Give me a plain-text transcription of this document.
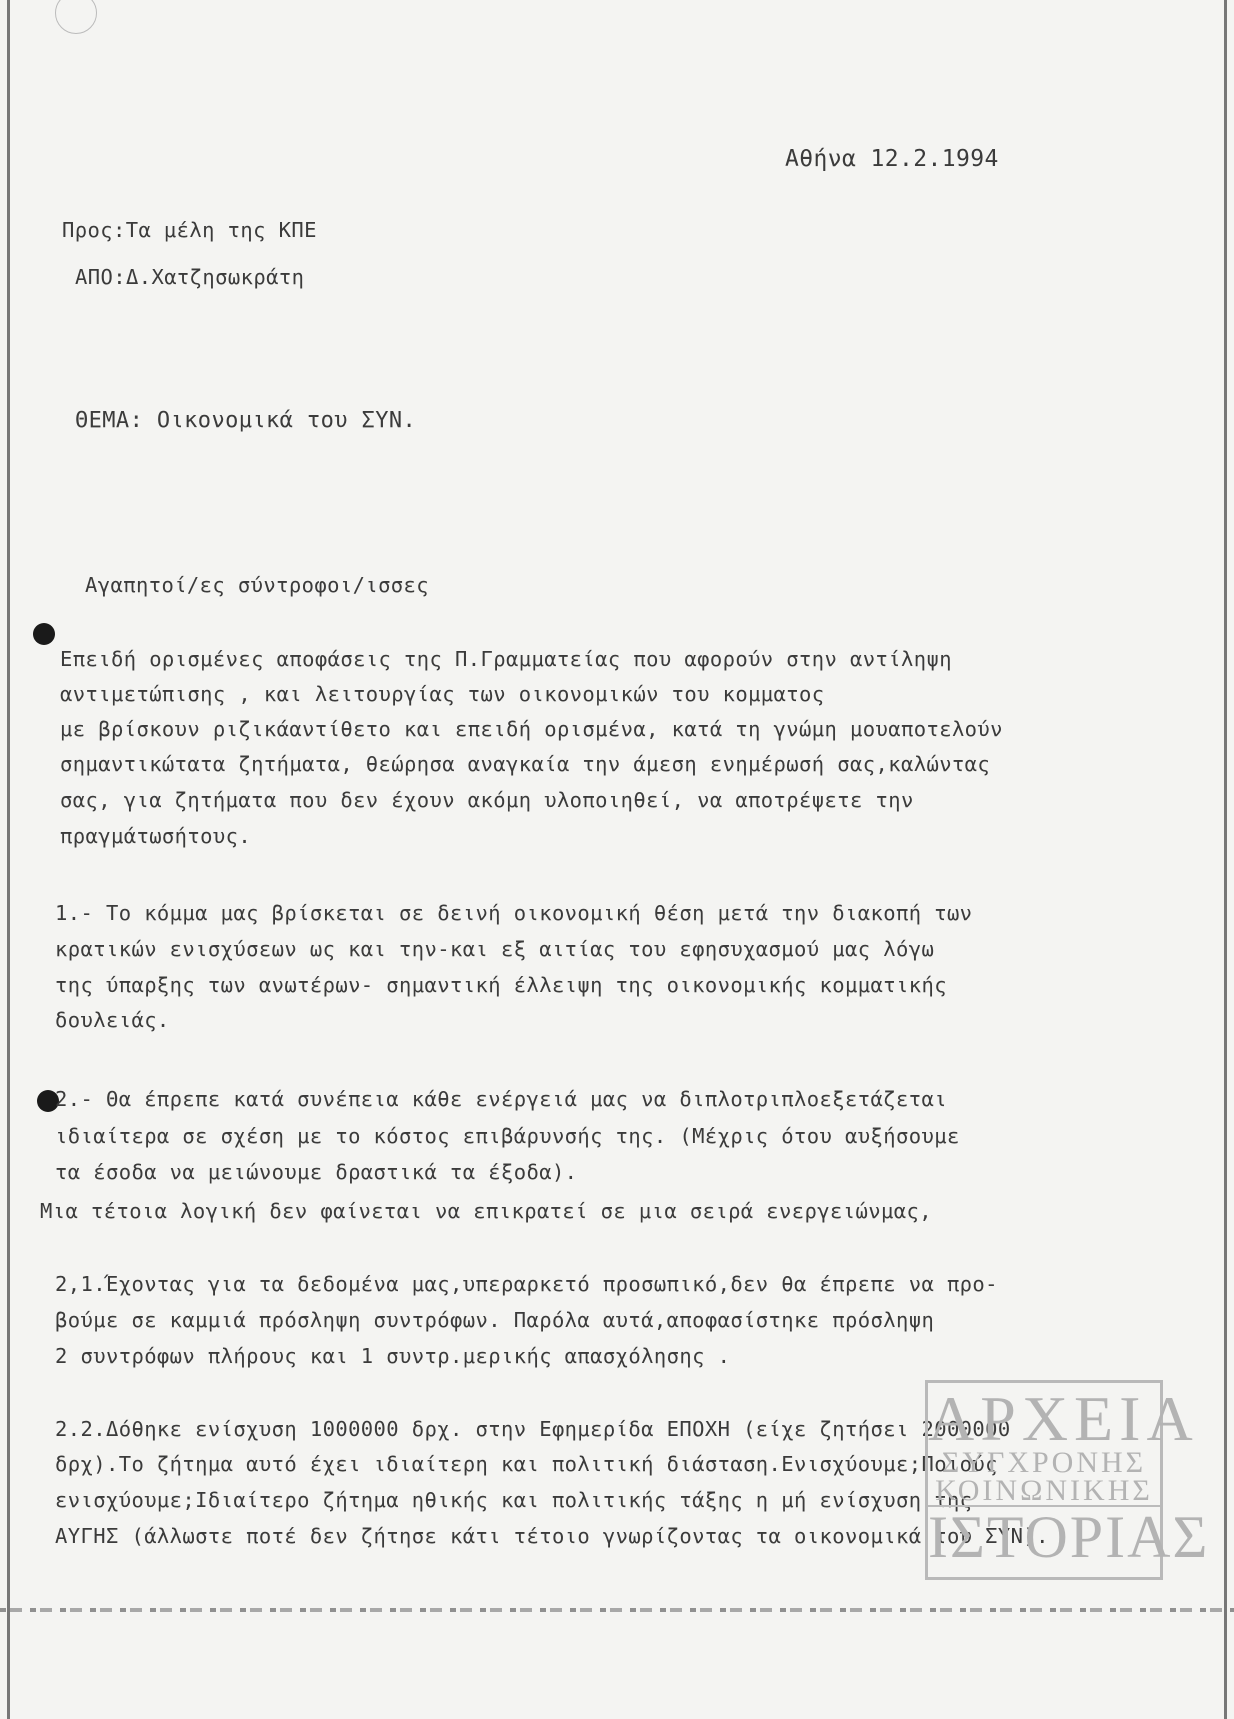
Αθήνα 12.2.1994
Προς:Τα μέλη της ΚΠΕ
ΑΠΟ:Δ.Χατζησωκράτη
ΘΕΜΑ: Οικονομικά του ΣΥΝ.
Αγαπητοί/ες σύντροφοι/ισσες
Επειδή ορισμένες αποφάσεις της Π.Γραμματείας που αφορούν στην αντίληψη
αντιμετώπισης , και λειτουργίας των οικονομικών του κομματος
με βρίσκουν ριζικάαντίθετο και επειδή ορισμένα, κατά τη γνώμη μουαποτελούν
σημαντικώτατα ζητήματα, θεώρησα αναγκαία την άμεση ενημέρωσή σας,καλώντας
σας, για ζητήματα που δεν έχουν ακόμη υλοποιηθεί, να αποτρέψετε την
πραγμάτωσήτους.
1.- Το κόμμα μας βρίσκεται σε δεινή οικονομική θέση μετά την διακοπή των
κρατικών ενισχύσεων ως και την-και εξ αιτίας του εφησυχασμού μας λόγω
της ύπαρξης των ανωτέρων- σημαντική έλλειψη της οικονομικής κομματικής
δουλειάς.
2.- Θα έπρεπε κατά συνέπεια κάθε ενέργειά μας να διπλοτριπλοεξετάζεται
ιδιαίτερα σε σχέση με το κόστος επιβάρυνσής της. (Μέχρις ότου αυξήσουμε
τα έσοδα να μειώνουμε δραστικά τα έξοδα).
Μια τέτοια λογική δεν φαίνεται να επικρατεί σε μια σειρά ενεργειώνμας,
2,1.Έχοντας για τα δεδομένα μας,υπεραρκετό προσωπικό,δεν θα έπρεπε να προ-
βούμε σε καμμιά πρόσληψη συντρόφων. Παρόλα αυτά,αποφασίστηκε πρόσληψη
2 συντρόφων πλήρους και 1 συντρ.μερικής απασχόλησης .
2.2.Δόθηκε ενίσχυση 1000000 δρχ. στην Εφημερίδα ΕΠΟΧΗ (είχε ζητήσει 2000000
δρχ).Το ζήτημα αυτό έχει ιδιαίτερη και πολιτική διάσταση.Ενισχύουμε;Ποιούς
ενισχύουμε;Ιδιαίτερο ζήτημα ηθικής και πολιτικής τάξης η μή ενίσχυση της
ΑΥΓΗΣ (άλλωστε ποτέ δεν ζήτησε κάτι τέτοιο γνωρίζοντας τα οικονομικά του ΣΥΝ).
ΑΡΧΕΙΑ
ΣΥΓΧΡΟΝΗΣ
ΚΟΙΝΩΝΙΚΗΣ
ΙΣΤΟΡΙΑΣ
